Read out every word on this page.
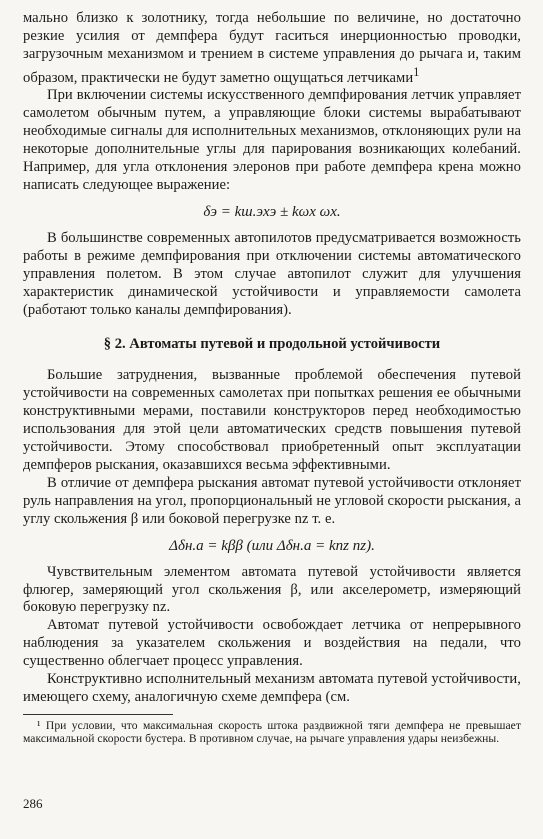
мально близко к золотнику, тогда небольшие по величине, но достаточно резкие усилия от демпфера будут гаситься инерционностью проводки, загрузочным механизмом и трением в системе управления до рычага и, таким образом, практически не будут заметно ощущаться летчиками$^1$

При включении системы искусственного демпфирования летчик управляет самолетом обычным путем, а управляющие блоки системы вырабатывают необходимые сигналы для исполнительных механизмов, отклоняющих рули на некоторые дополнительные углы для парирования возникающих колебаний. Например, для угла отклонения элеронов при работе демпфера крена можно написать следующее выражение:

δэ = kш.эxэ ± kωx ωx.

В большинстве современных автопилотов предусматривается возможность работы в режиме демпфирования при отключении системы автоматического управления полетом. В этом случае автопилот служит для улучшения характеристик динамической устойчивости и управляемости самолета (работают только каналы демпфирования).

§ 2. Автоматы путевой и продольной устойчивости

Большие затруднения, вызванные проблемой обеспечения путевой устойчивости на современных самолетах при попытках решения ее обычными конструктивными мерами, поставили конструкторов перед необходимостью использования для этой цели автоматических средств повышения путевой устойчивости. Этому способствовал приобретенный опыт эксплуатации демпферов рыскания, оказавшихся весьма эффективными.

В отличие от демпфера рыскания автомат путевой устойчивости отклоняет руль направления на угол, пропорциональный не угловой скорости рыскания, а углу скольжения β или боковой перегрузке nz т. е.

Δδн.а = kββ (или Δδн.а = knz nz).

Чувствительным элементом автомата путевой устойчивости является флюгер, замеряющий угол скольжения β, или акселерометр, измеряющий боковую перегрузку nz.

Автомат путевой устойчивости освобождает летчика от непрерывного наблюдения за указателем скольжения и воздействия на педали, что существенно облегчает процесс управления.

Конструктивно исполнительный механизм автомата путевой устойчивости, имеющего схему, аналогичную схеме демпфера (см.

¹ При условии, что максимальная скорость штока раздвижной тяги демпфера не превышает максимальной скорости бустера. В противном случае, на рычаге управления удары неизбежны.

286
